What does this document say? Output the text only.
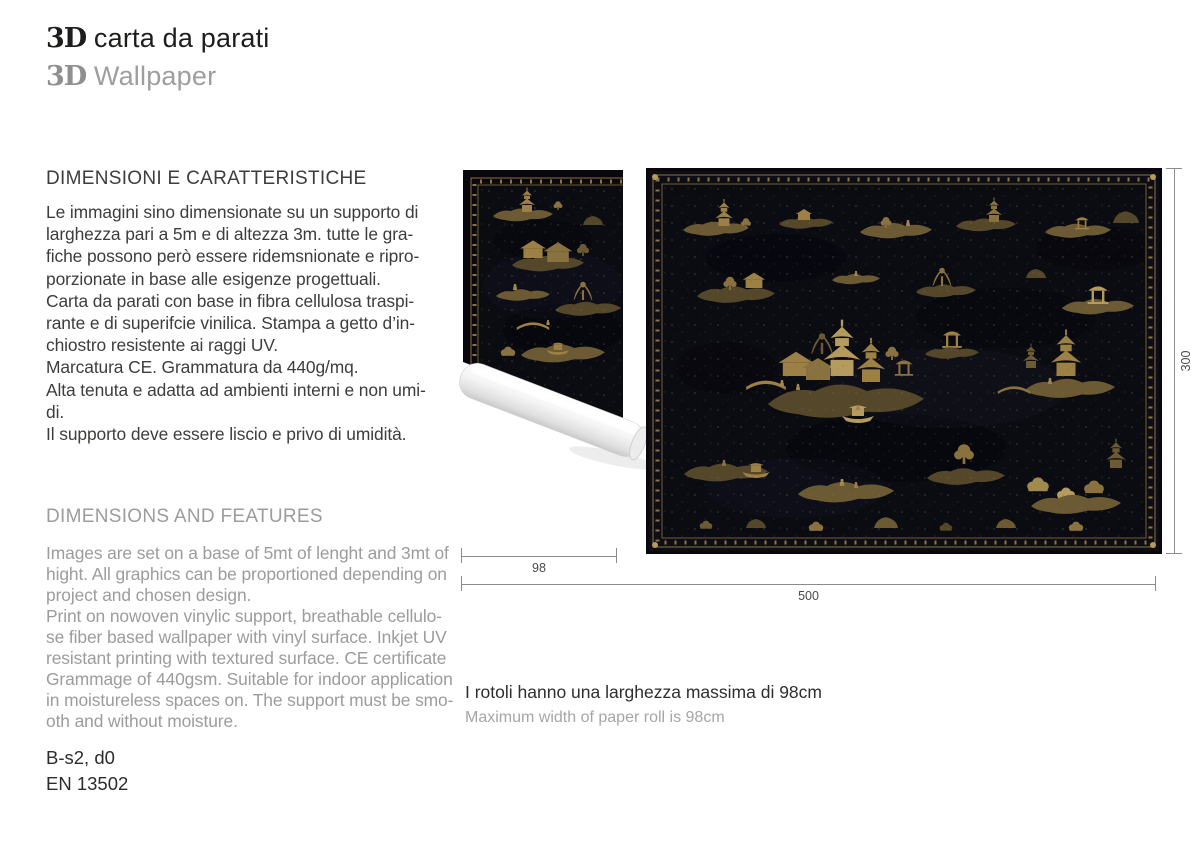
3D carta da parati
3D Wallpaper
DIMENSIONI E CARATTERISTICHE

Le immagini sino dimensionate su un supporto di
larghezza pari a 5m e di altezza 3m. tutte le gra-
fiche possono però essere ridemsnionate e ripro-
porzionate in base alle esigenze progettuali.
Carta da parati con base in fibra cellulosa traspi-
rante e di superifcie vinilica. Stampa a getto d’in-
chiostro resistente ai raggi UV.
Marcatura CE. Grammatura da 440g/mq.
Alta tenuta e adatta ad ambienti interni e non umi-
di.
Il supporto deve essere liscio e privo di umidità.

DIMENSIONS AND FEATURES

Images are set on a base of 5mt of lenght and 3mt of
hight. All graphics can be proportioned depending on
project and chosen design.
Print on nowoven vinylic support, breathable cellulo-
se fiber based wallpaper with vinyl surface. Inkjet UV
resistant printing with textured surface. CE certificate
Grammage of 440gsm. Suitable for indoor application
in moistureless spaces on. The support must be smo-
oth and without moisture.

B-s2, d0
EN 13502
98
500
300
I rotoli hanno una larghezza massima di 98cm
Maximum width of paper roll is 98cm
